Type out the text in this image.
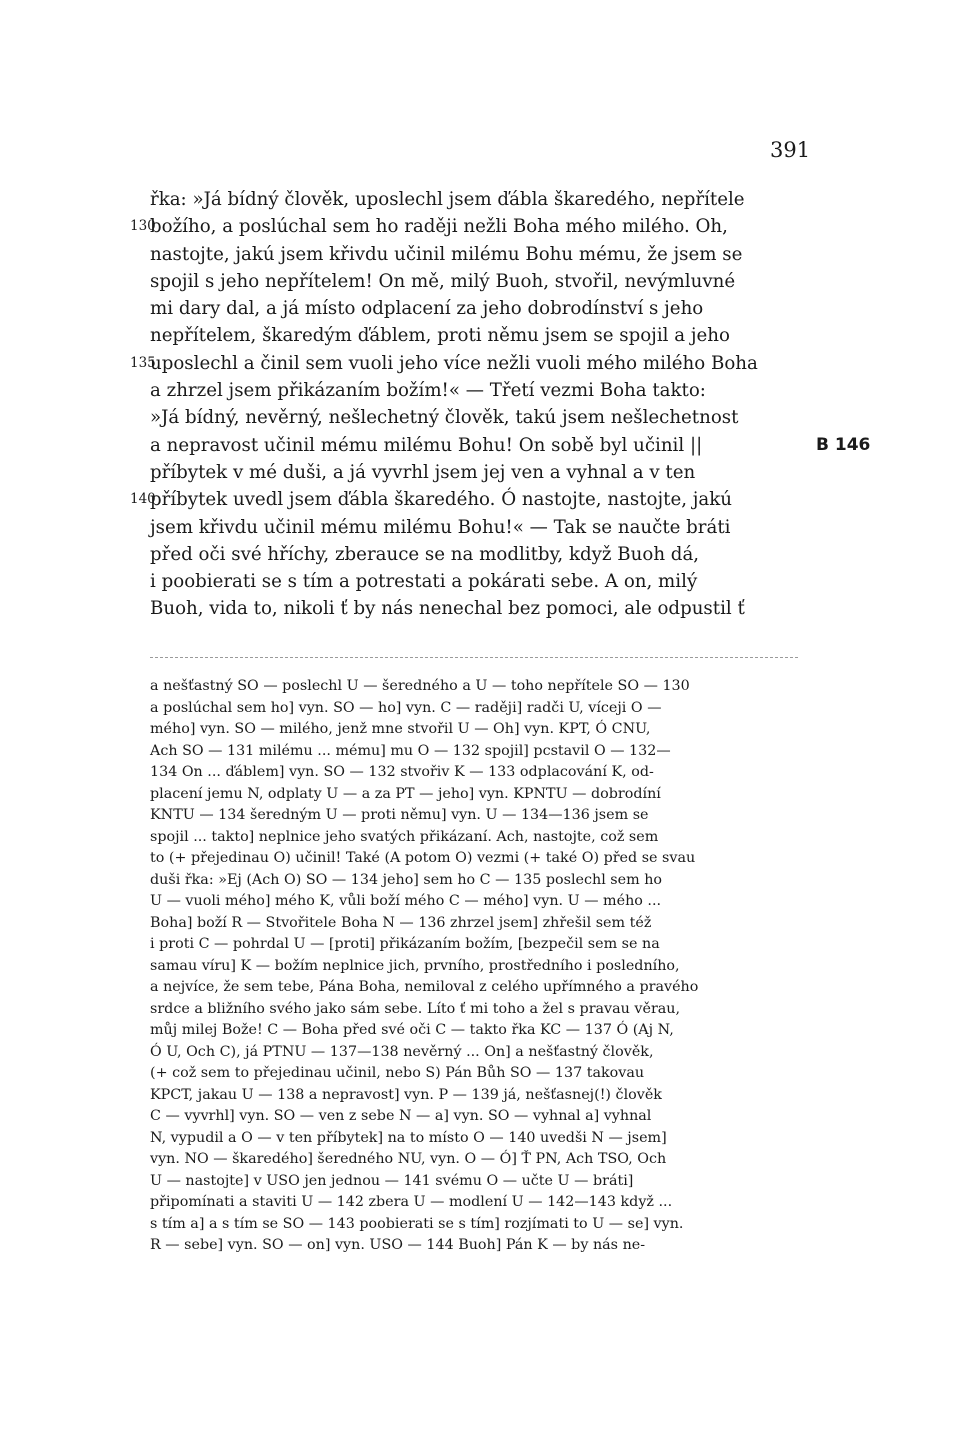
391
řka: »Já bídný člověk, uposlechl jsem ďábla škaredého, nepřítele
božího, a poslúchal sem ho raději nežli Boha mého milého. Oh,
130
nastojte, jakú jsem křivdu učinil milému Bohu mému, že jsem se
spojil s jeho nepřítelem! On mě, milý Buoh, stvořil, nevýmluvné
mi dary dal, a já místo odplacení za jeho dobrodínství s jeho
nepřítelem, škaredým ďáblem, proti němu jsem se spojil a jeho
uposlechl a činil sem vuoli jeho více nežli vuoli mého milého Boha
135
a zhrzel jsem přikázaním božím!« — Třetí vezmi Boha takto:
»Já bídný, nevěrný, nešlechetný člověk, takú jsem nešlechetnost
a nepravost učinil mému milému Bohu! On sobě byl učinil ||	B 146
příbytek v mé duši, a já vyvrhl jsem jej ven a vyhnal a v ten
příbytek uvedl jsem ďábla škaredého. Ó nastojte, nastojte, jakú
140
jsem křivdu učinil mému milému Bohu!« — Tak se naučte bráti
před oči své hříchy, zberauce se na modlitby, když Buoh dá,
i poobierati se s tím a potrestati a pokárati sebe. A on, milý
Buoh, vida to, nikoli ť by nás nenechal bez pomoci, ale odpustil ť
a nešťastný SO — poslechl U — šeredného a U — toho nepřítele SO — 130
a poslúchal sem ho] vyn. SO — ho] vyn. C — raději] radči U, víceji O —
mého] vyn. SO — milého, jenž mne stvořil U — Oh] vyn. KPT, Ó CNU,
Ach SO — 131 milému ... mému] mu O — 132 spojil] pcstavil O — 132—
134 On ... ďáblem] vyn. SO — 132 stvořiv K — 133 odplacování K, od-
placení jemu N, odplaty U — a za PT — jeho] vyn. KPNTU — dobrodíní
KNTU — 134 šeredným U — proti němu] vyn. U — 134—136 jsem se
spojil ... takto] neplnice jeho svatých přikázaní. Ach, nastojte, což sem
to (+ přejedinau O) učinil! Také (A potom O) vezmi (+ také O) před se svau
duši řka: »Ej (Ach O) SO — 134 jeho] sem ho C — 135 poslechl sem ho
U — vuoli mého] mého K, vůli boží mého C — mého] vyn. U — mého ...
Boha] boží R — Stvořitele Boha N — 136 zhrzel jsem] zhřešil sem též
i proti C — pohrdal U — [proti] přikázaním božím, [bezpečil sem se na
samau víru] K — božím neplnice jich, prvního, prostředního i posledního,
a nejvíce, že sem tebe, Pána Boha, nemiloval z celého upřímného a pravého
srdce a bližního svého jako sám sebe. Líto ť mi toho a žel s pravau věrau,
můj milej Bože! C — Boha před své oči C — takto řka KC — 137 Ó (Aj N,
Ó U, Och C), já PTNU — 137—138 nevěrný ... On] a nešťastný člověk,
(+ což sem to přejedinau učinil, nebo S) Pán Bůh SO — 137 takovau
KPCT, jakau U — 138 a nepravost] vyn. P — 139 já, nešťasnej(!) člověk
C — vyvrhl] vyn. SO — ven z sebe N — a] vyn. SO — vyhnal a] vyhnal
N, vypudil a O — v ten příbytek] na to místo O — 140 uvedši N — jsem]
vyn. NO — škaredého] šeredného NU, vyn. O — Ó] Ť PN, Ach TSO, Och
U — nastojte] v USO jen jednou — 141 svému O — učte U — bráti]
připomínati a staviti U — 142 zbera U — modlení U — 142—143 když ...
s tím a] a s tím se SO — 143 poobierati se s tím] rozjímati to U — se] vyn.
R — sebe] vyn. SO — on] vyn. USO — 144 Buoh] Pán K — by nás ne-
